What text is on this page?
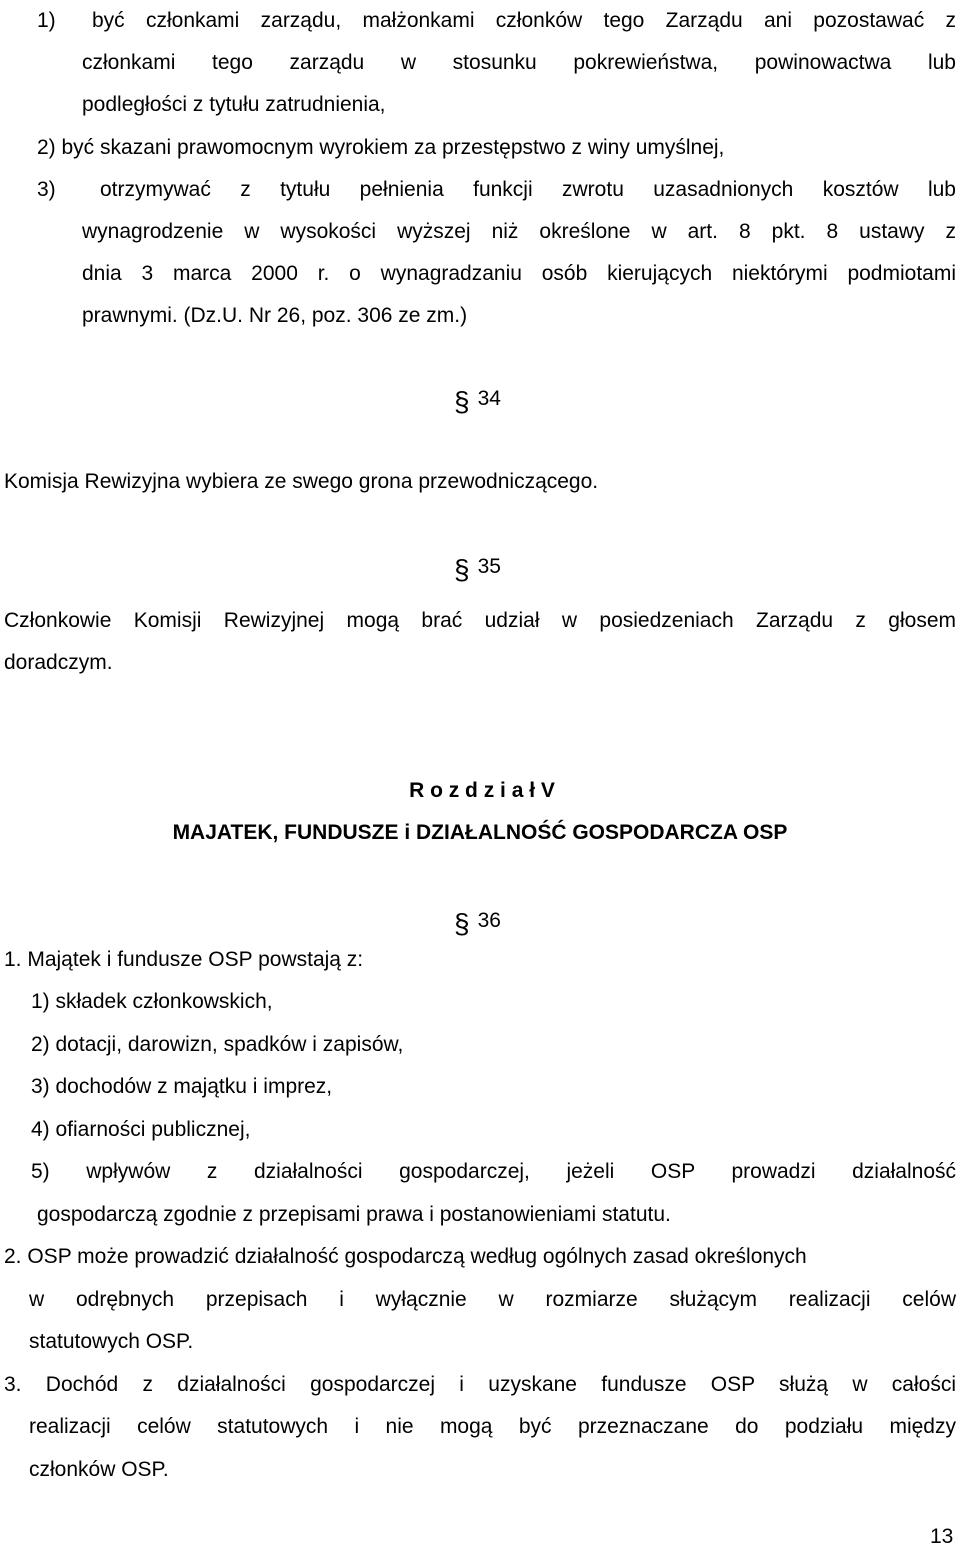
1) być członkami zarządu, małżonkami członków tego Zarządu ani pozostawać z
członkami tego zarządu w stosunku pokrewieństwa, powinowactwa lub
podległości z tytułu zatrudnienia,
2) być skazani prawomocnym wyrokiem za przestępstwo z winy umyślnej,
3) otrzymywać z tytułu pełnienia funkcji zwrotu uzasadnionych kosztów lub
wynagrodzenie w wysokości wyższej niż określone w art. 8 pkt. 8 ustawy z
dnia 3 marca 2000 r. o wynagradzaniu osób kierujących niektórymi podmiotami
prawnymi. (Dz.U. Nr 26, poz. 306 ze zm.)
§ 34
Komisja Rewizyjna wybiera ze swego grona przewodniczącego.
§ 35
Członkowie Komisji Rewizyjnej mogą brać udział w posiedzeniach Zarządu z głosem
doradczym.
R o z d z i a ł V
MAJATEK, FUNDUSZE i DZIAŁALNOŚĆ GOSPODARCZA OSP
§ 36
1. Majątek i fundusze OSP powstają z:
1) składek członkowskich,
2) dotacji, darowizn, spadków i zapisów,
3) dochodów z majątku i imprez,
4) ofiarności publicznej,
5) wpływów z działalności gospodarczej, jeżeli OSP prowadzi działalność
gospodarczą zgodnie z przepisami prawa i postanowieniami statutu.
2. OSP może prowadzić działalność gospodarczą według ogólnych zasad określonych
w odrębnych przepisach i wyłącznie w rozmiarze służącym realizacji celów
statutowych OSP.
3. Dochód z działalności gospodarczej i uzyskane fundusze OSP służą w całości
realizacji celów statutowych i nie mogą być przeznaczane do podziału między
członków OSP.
13
